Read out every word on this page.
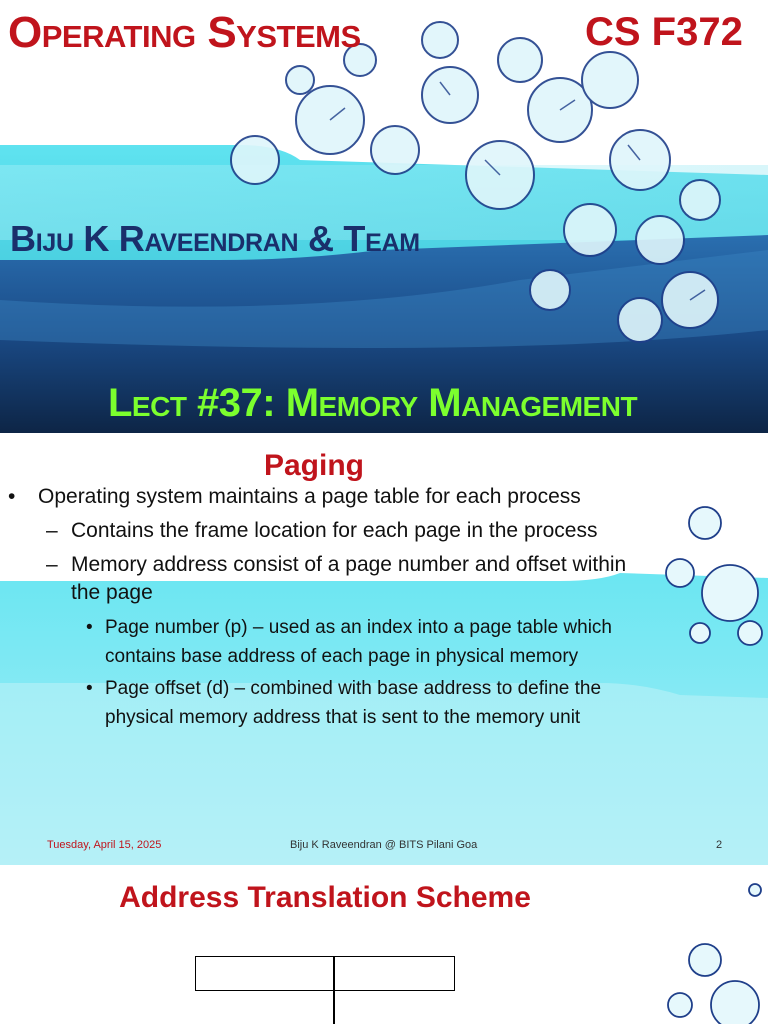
Operating Systems	CS F372
Biju K Raveendran & Team
Lect #37: Memory Management
Paging

• Operating system maintains a page table for each process

– Contains the frame location for each page in the process

– Memory address consist of a page number and offset within the page

• Page number (p) – used as an index into a page table which contains base address of each page in physical memory

• Page offset (d) – combined with base address to define the physical memory address that is sent to the memory unit

Tuesday, April 15, 2025	Biju K Raveendran @ BITS Pilani Goa	2
Address Translation Scheme
